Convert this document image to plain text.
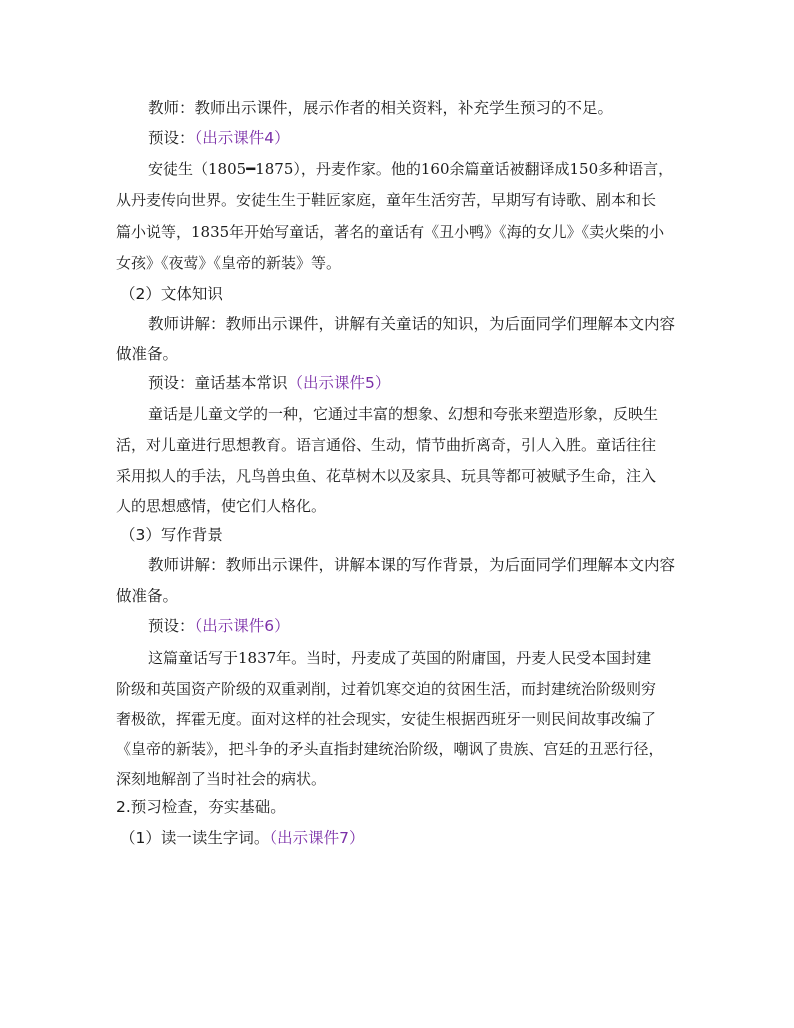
教师：教师出示课件，展示作者的相关资料，补充学生预习的不足。
预设：（出示课件4）
安徒生（1805━1875），丹麦作家。他的160余篇童话被翻译成150多种语言，
从丹麦传向世界。安徒生生于鞋匠家庭，童年生活穷苦，早期写有诗歌、剧本和长
篇小说等，1835年开始写童话，著名的童话有《丑小鸭》《海的女儿》《卖火柴的小
女孩》《夜莺》《皇帝的新装》等。
（2）文体知识
教师讲解：教师出示课件，讲解有关童话的知识，为后面同学们理解本文内容
做准备。
预设：童话基本常识（出示课件5）
童话是儿童文学的一种，它通过丰富的想象、幻想和夸张来塑造形象，反映生
活，对儿童进行思想教育。语言通俗、生动，情节曲折离奇，引人入胜。童话往往
采用拟人的手法，凡鸟兽虫鱼、花草树木以及家具、玩具等都可被赋予生命，注入
人的思想感情，使它们人格化。
（3）写作背景
教师讲解：教师出示课件，讲解本课的写作背景，为后面同学们理解本文内容
做准备。
预设：（出示课件6）
这篇童话写于1837年。当时，丹麦成了英国的附庸国，丹麦人民受本国封建
阶级和英国资产阶级的双重剥削，过着饥寒交迫的贫困生活，而封建统治阶级则穷
奢极欲，挥霍无度。面对这样的社会现实，安徒生根据西班牙一则民间故事改编了
《皇帝的新装》，把斗争的矛头直指封建统治阶级，嘲讽了贵族、宫廷的丑恶行径，
深刻地解剖了当时社会的病状。
2.预习检查，夯实基础。
（1）读一读生字词。（出示课件7）
